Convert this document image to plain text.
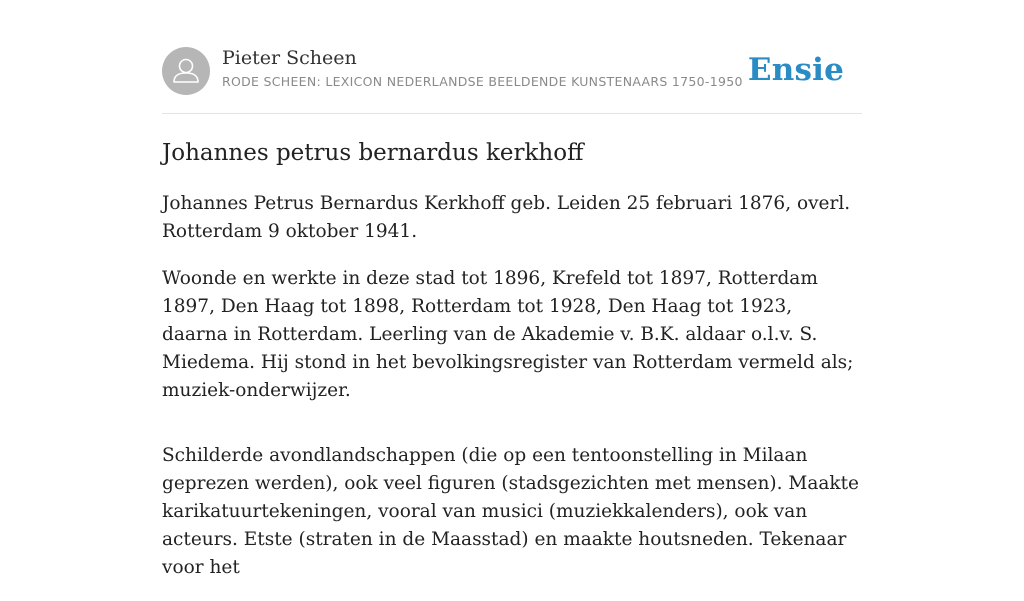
Pieter Scheen
RODE SCHEEN: LEXICON NEDERLANDSE BEELDENDE KUNSTENAARS 1750-1950 Ensie
Johannes petrus bernardus kerkhoff

Johannes Petrus Bernardus Kerkhoff geb. Leiden 25 februari 1876, overl. Rotterdam 9 oktober 1941.

Woonde en werkte in deze stad tot 1896, Krefeld tot 1897, Rotterdam 1897, Den Haag tot 1898, Rotterdam tot 1928, Den Haag tot 1923, daarna in Rotterdam. Leerling van de Akademie v. B.K. aldaar o.l.v. S. Miedema. Hij stond in het bevolkingsregister van Rotterdam vermeld als; muziek-onderwijzer.

Schilderde avondlandschappen (die op een tentoonstelling in Milaan geprezen werden), ook veel figuren (stadsgezichten met mensen). Maakte karikatuurtekeningen, vooral van musici (muziekkalenders), ook van acteurs. Etste (straten in de Maasstad) en maakte houtsneden. Tekenaar voor het
